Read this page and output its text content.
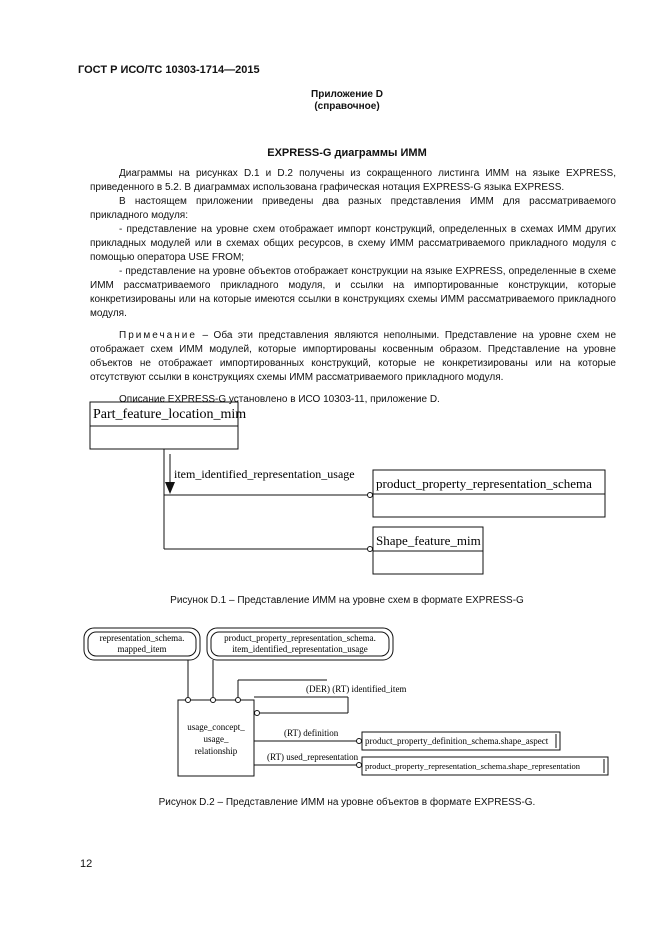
ГОСТ Р ИСО/ТС 10303-1714—2015
Приложение D
(справочное)
EXPRESS-G диаграммы ИММ

Диаграммы на рисунках D.1 и D.2 получены из сокращенного листинга ИММ на языке EXPRESS, приведенного в 5.2. В диаграммах использована графическая нотация EXPRESS-G языка EXPRESS.

В настоящем приложении приведены два разных представления ИММ для рассматриваемого прикладного модуля:

- представление на уровне схем отображает импорт конструкций, определенных в схемах ИММ других прикладных модулей или в схемах общих ресурсов, в схему ИММ рассматриваемого прикладного модуля с помощью оператора USE FROM;

- представление на уровне объектов отображает конструкции на языке EXPRESS, определенные в схеме ИММ рассматриваемого прикладного модуля, и ссылки на импортированные конструкции, которые конкретизированы или на которые имеются ссылки в конструкциях схемы ИММ рассматриваемого прикладного модуля.

Примечание – Оба эти представления являются неполными. Представление на уровне схем не отображает схем ИММ модулей, которые импортированы косвенным образом. Представление на уровне объектов не отображает импортированных конструкций, которые не конкретизированы или на которые отсутствуют ссылки в конструкциях схемы ИММ рассматриваемого прикладного модуля.

Описание EXPRESS-G установлено в ИСО 10303-11, приложение D.

Part_feature_location_mim
item_identified_representation_usage
product_property_representation_schema
Shape_feature_mim
representation_schema.
mapped_item
product_property_representation_schema.
item_identified_representation_usage
usage_concept_
usage_
relationship
(DER) (RT) identified_item
(RT) definition
(RT) used_representation
product_property_definition_schema.shape_aspect
product_property_representation_schema.shape_representation
Рисунок D.1 – Представление ИММ на уровне схем в формате EXPRESS-G
Рисунок D.2 – Представление ИММ на уровне объектов в формате EXPRESS-G.
12
